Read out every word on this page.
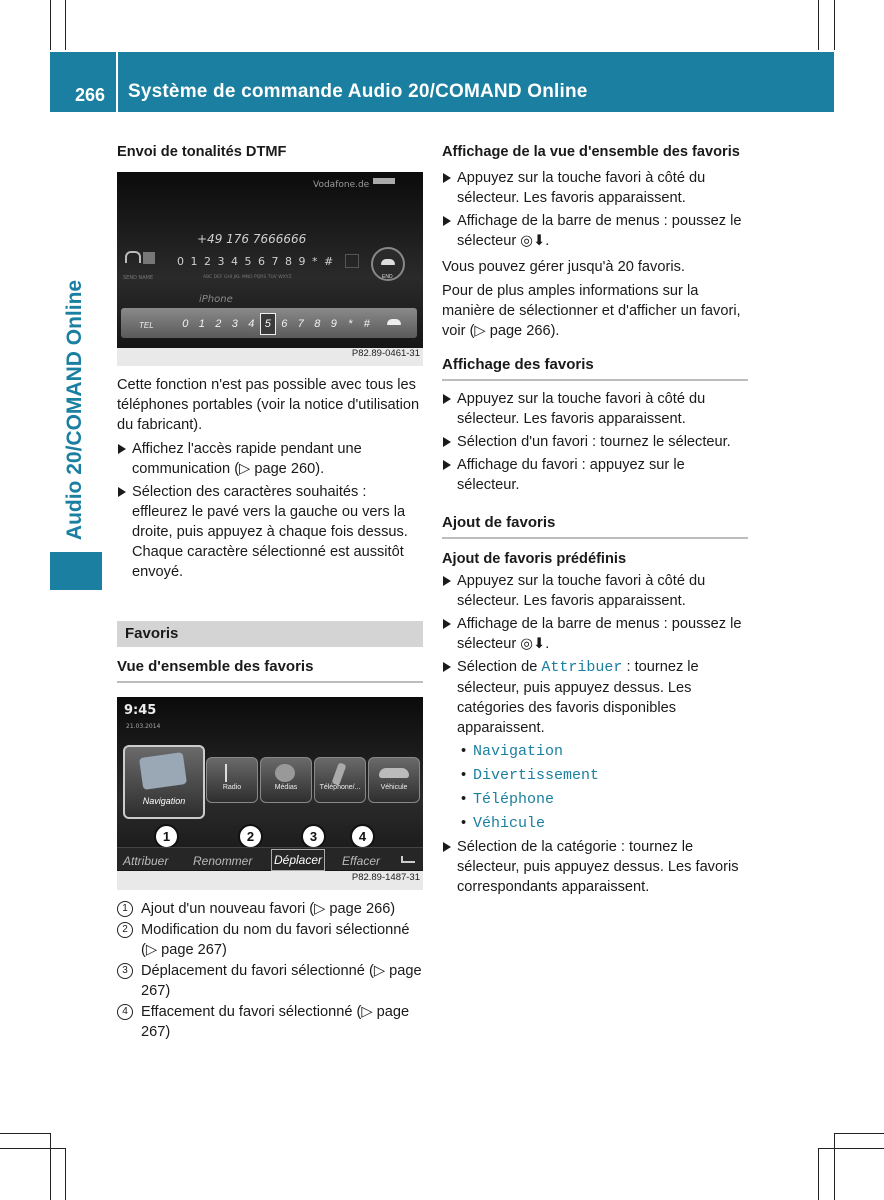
266 Système de commande Audio 20/COMAND Online
Audio 20/COMAND Online

Envoi de tonalités DTMF

Vodafone.de
+49 176 7666666
SEND NAME
0 1 2 3 4 5 6 7 8 9 * #
ABC DEF GHI JKL MNO PQRS TUV WXYZ	END
iPhone
TEL	0 1 2 3 4 5 6 7 8 9 * #
P82.89-0461-31

Cette fonction n'est pas possible avec tous les téléphones portables (voir la notice d'utilisation du fabricant).

Affichez l'accès rapide pendant une communication (▷ page 260).
Sélection des caractères souhaités : effleurez le pavé vers la gauche ou vers la droite, puis appuyez à chaque fois dessus. Chaque caractère sélectionné est aussitôt envoyé.
Favoris

Vue d'ensemble des favoris

9:45
21.03.2014
Navigation
Radio	Médias	Téléphone/...	Véhicule
1	2	3	4
Attribuer Renommer Déplacer Effacer
P82.89-1487-31
1 Ajout d'un nouveau favori (▷ page 266)
2 Modification du nom du favori sélectionné (▷ page 267)
3 Déplacement du favori sélectionné (▷ page 267)
4 Effacement du favori sélectionné (▷ page 267)

Affichage de la vue d'ensemble des favoris

Appuyez sur la touche favori à côté du sélecteur. Les favoris apparaissent.
Affichage de la barre de menus : poussez le sélecteur ◎⬇.

Vous pouvez gérer jusqu'à 20 favoris.

Pour de plus amples informations sur la manière de sélectionner et d'afficher un favori, voir (▷ page 266).

Affichage des favoris

Appuyez sur la touche favori à côté du sélecteur. Les favoris apparaissent.
Sélection d'un favori : tournez le sélecteur.
Affichage du favori : appuyez sur le sélecteur.

Ajout de favoris

Ajout de favoris prédéfinis

Appuyez sur la touche favori à côté du sélecteur. Les favoris apparaissent.
Affichage de la barre de menus : poussez le sélecteur ◎⬇.
Sélection de Attribuer : tournez le sélecteur, puis appuyez dessus. Les catégories des favoris disponibles apparaissent.
• Navigation
• Divertissement
• Téléphone
• Véhicule
Sélection de la catégorie : tournez le sélecteur, puis appuyez dessus. Les favoris correspondants apparaissent.
